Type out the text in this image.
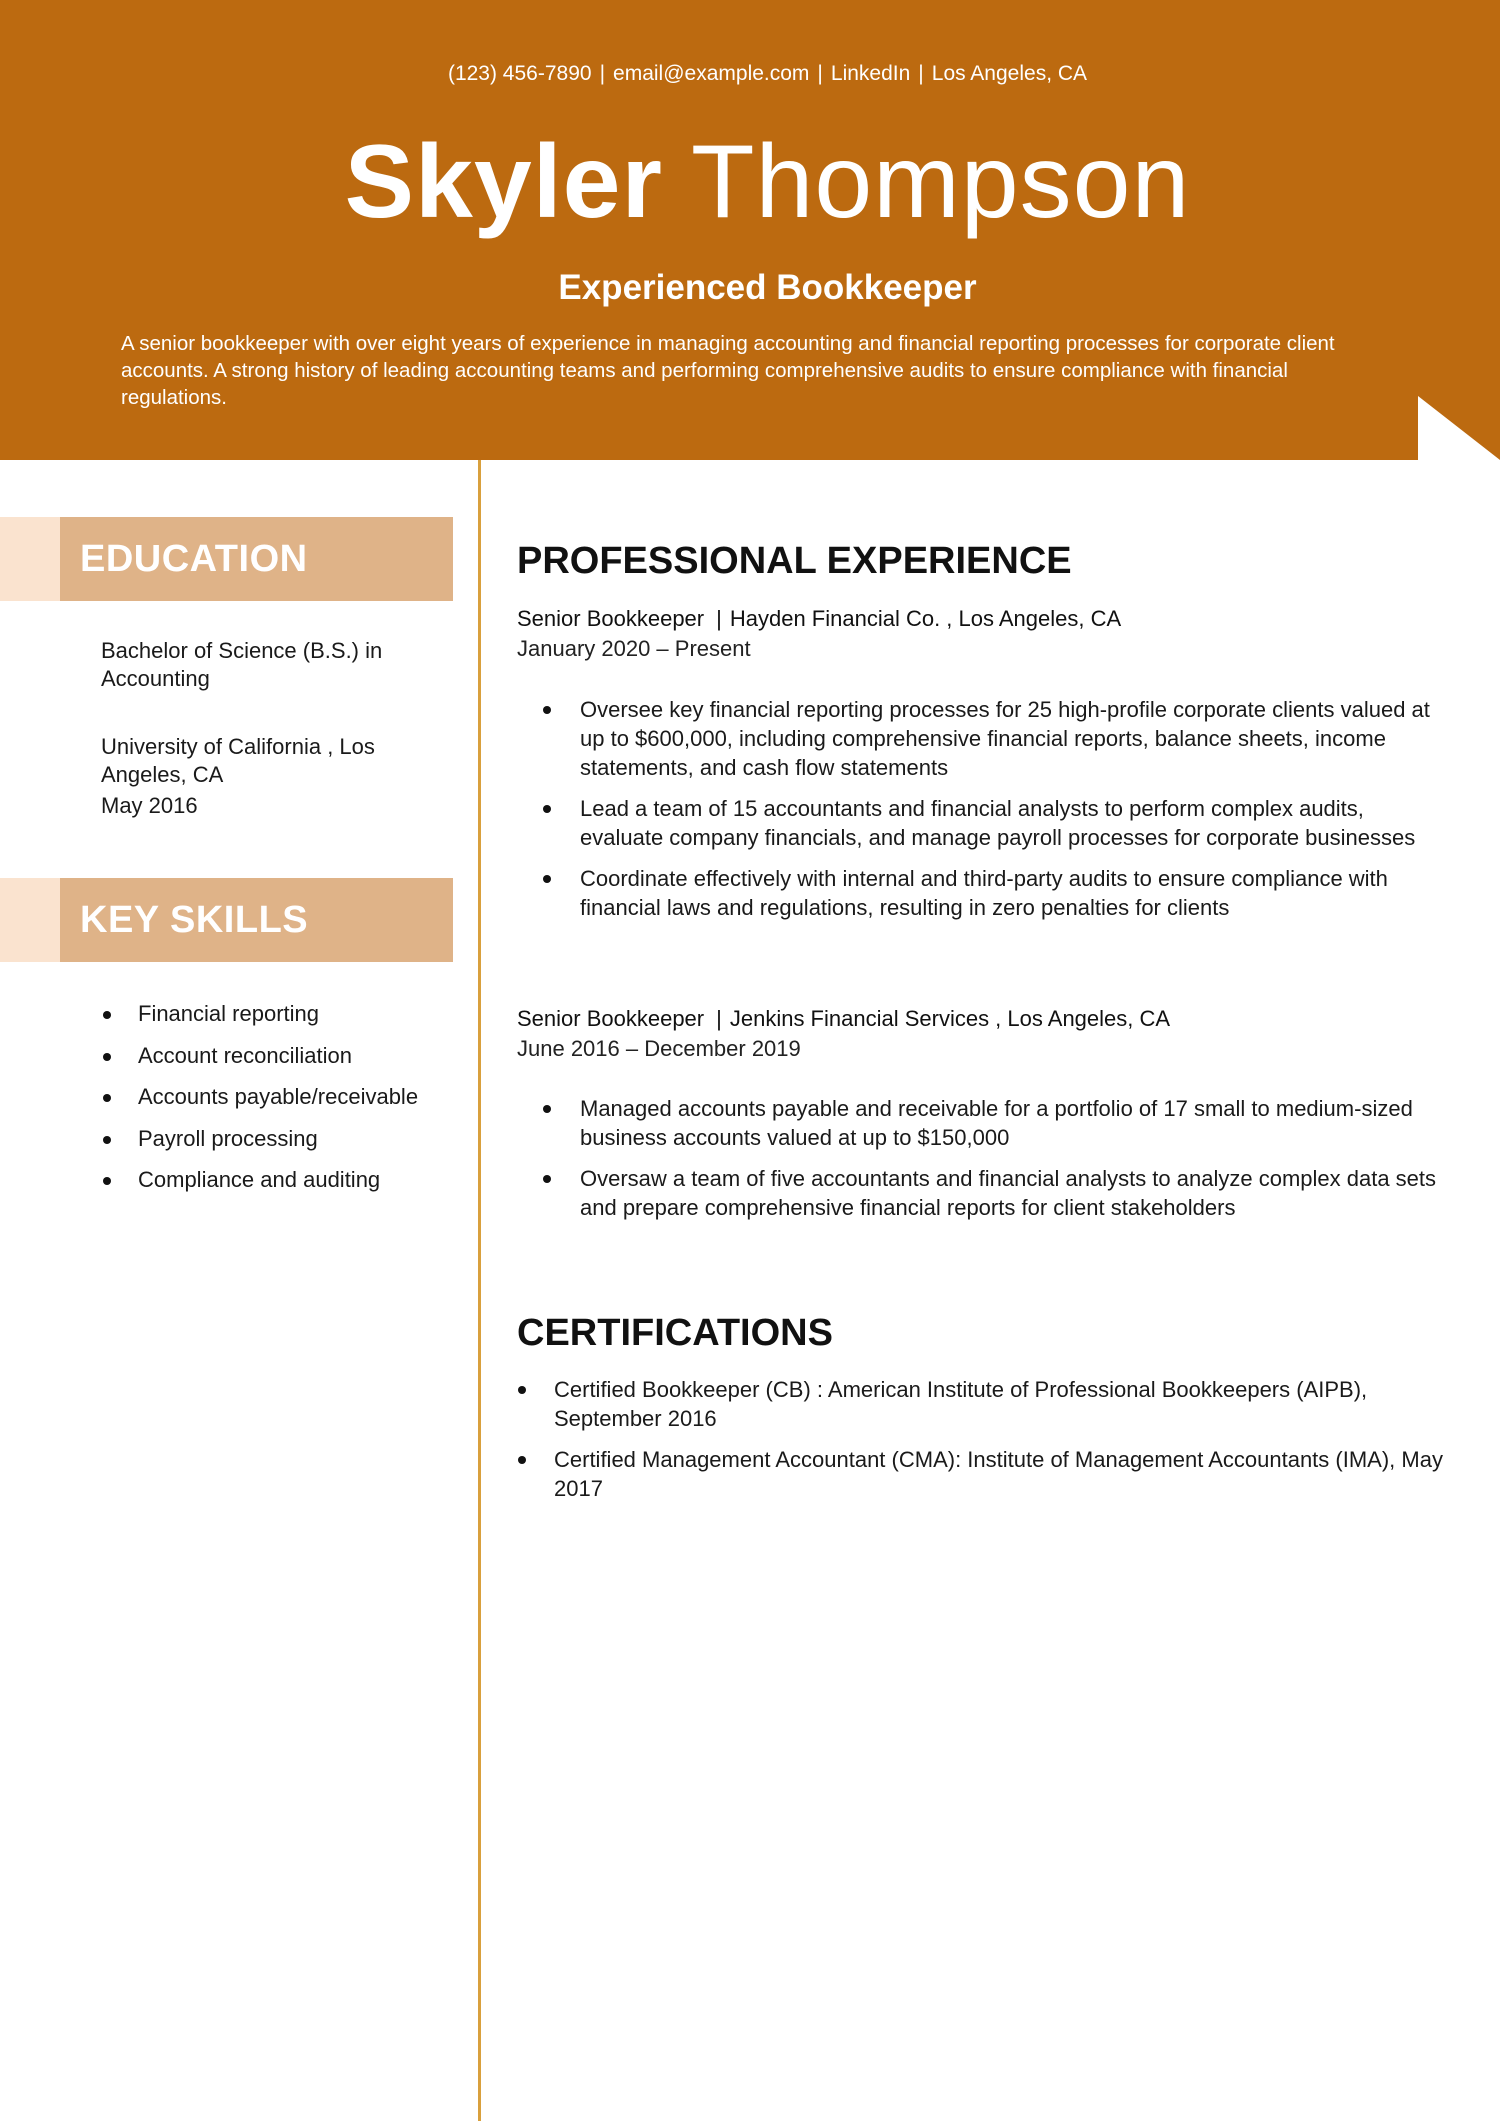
(123) 456-7890 | email@example.com | LinkedIn | Los Angeles, CA
Skyler Thompson
Experienced Bookkeeper
A senior bookkeeper with over eight years of experience in managing accounting and financial reporting processes for corporate client accounts. A strong history of leading accounting teams and performing comprehensive audits to ensure compliance with financial regulations.
EDUCATION
Bachelor of Science (B.S.) in Accounting
University of California , Los Angeles, CA
May 2016
KEY SKILLS
Financial reporting
Account reconciliation
Accounts payable/receivable
Payroll processing
Compliance and auditing
PROFESSIONAL EXPERIENCE
Senior Bookkeeper | Hayden Financial Co. , Los Angeles, CA
January 2020 – Present
Oversee key financial reporting processes for 25 high-profile corporate clients valued at up to $600,000, including comprehensive financial reports, balance sheets, income statements, and cash flow statements
Lead a team of 15 accountants and financial analysts to perform complex audits, evaluate company financials, and manage payroll processes for corporate businesses
Coordinate effectively with internal and third-party audits to ensure compliance with financial laws and regulations, resulting in zero penalties for clients
Senior Bookkeeper | Jenkins Financial Services , Los Angeles, CA
June 2016 – December 2019
Managed accounts payable and receivable for a portfolio of 17 small to medium-sized business accounts valued at up to $150,000
Oversaw a team of five accountants and financial analysts to analyze complex data sets and prepare comprehensive financial reports for client stakeholders
CERTIFICATIONS
Certified Bookkeeper (CB) : American Institute of Professional Bookkeepers (AIPB), September 2016
Certified Management Accountant (CMA): Institute of Management Accountants (IMA), May 2017
